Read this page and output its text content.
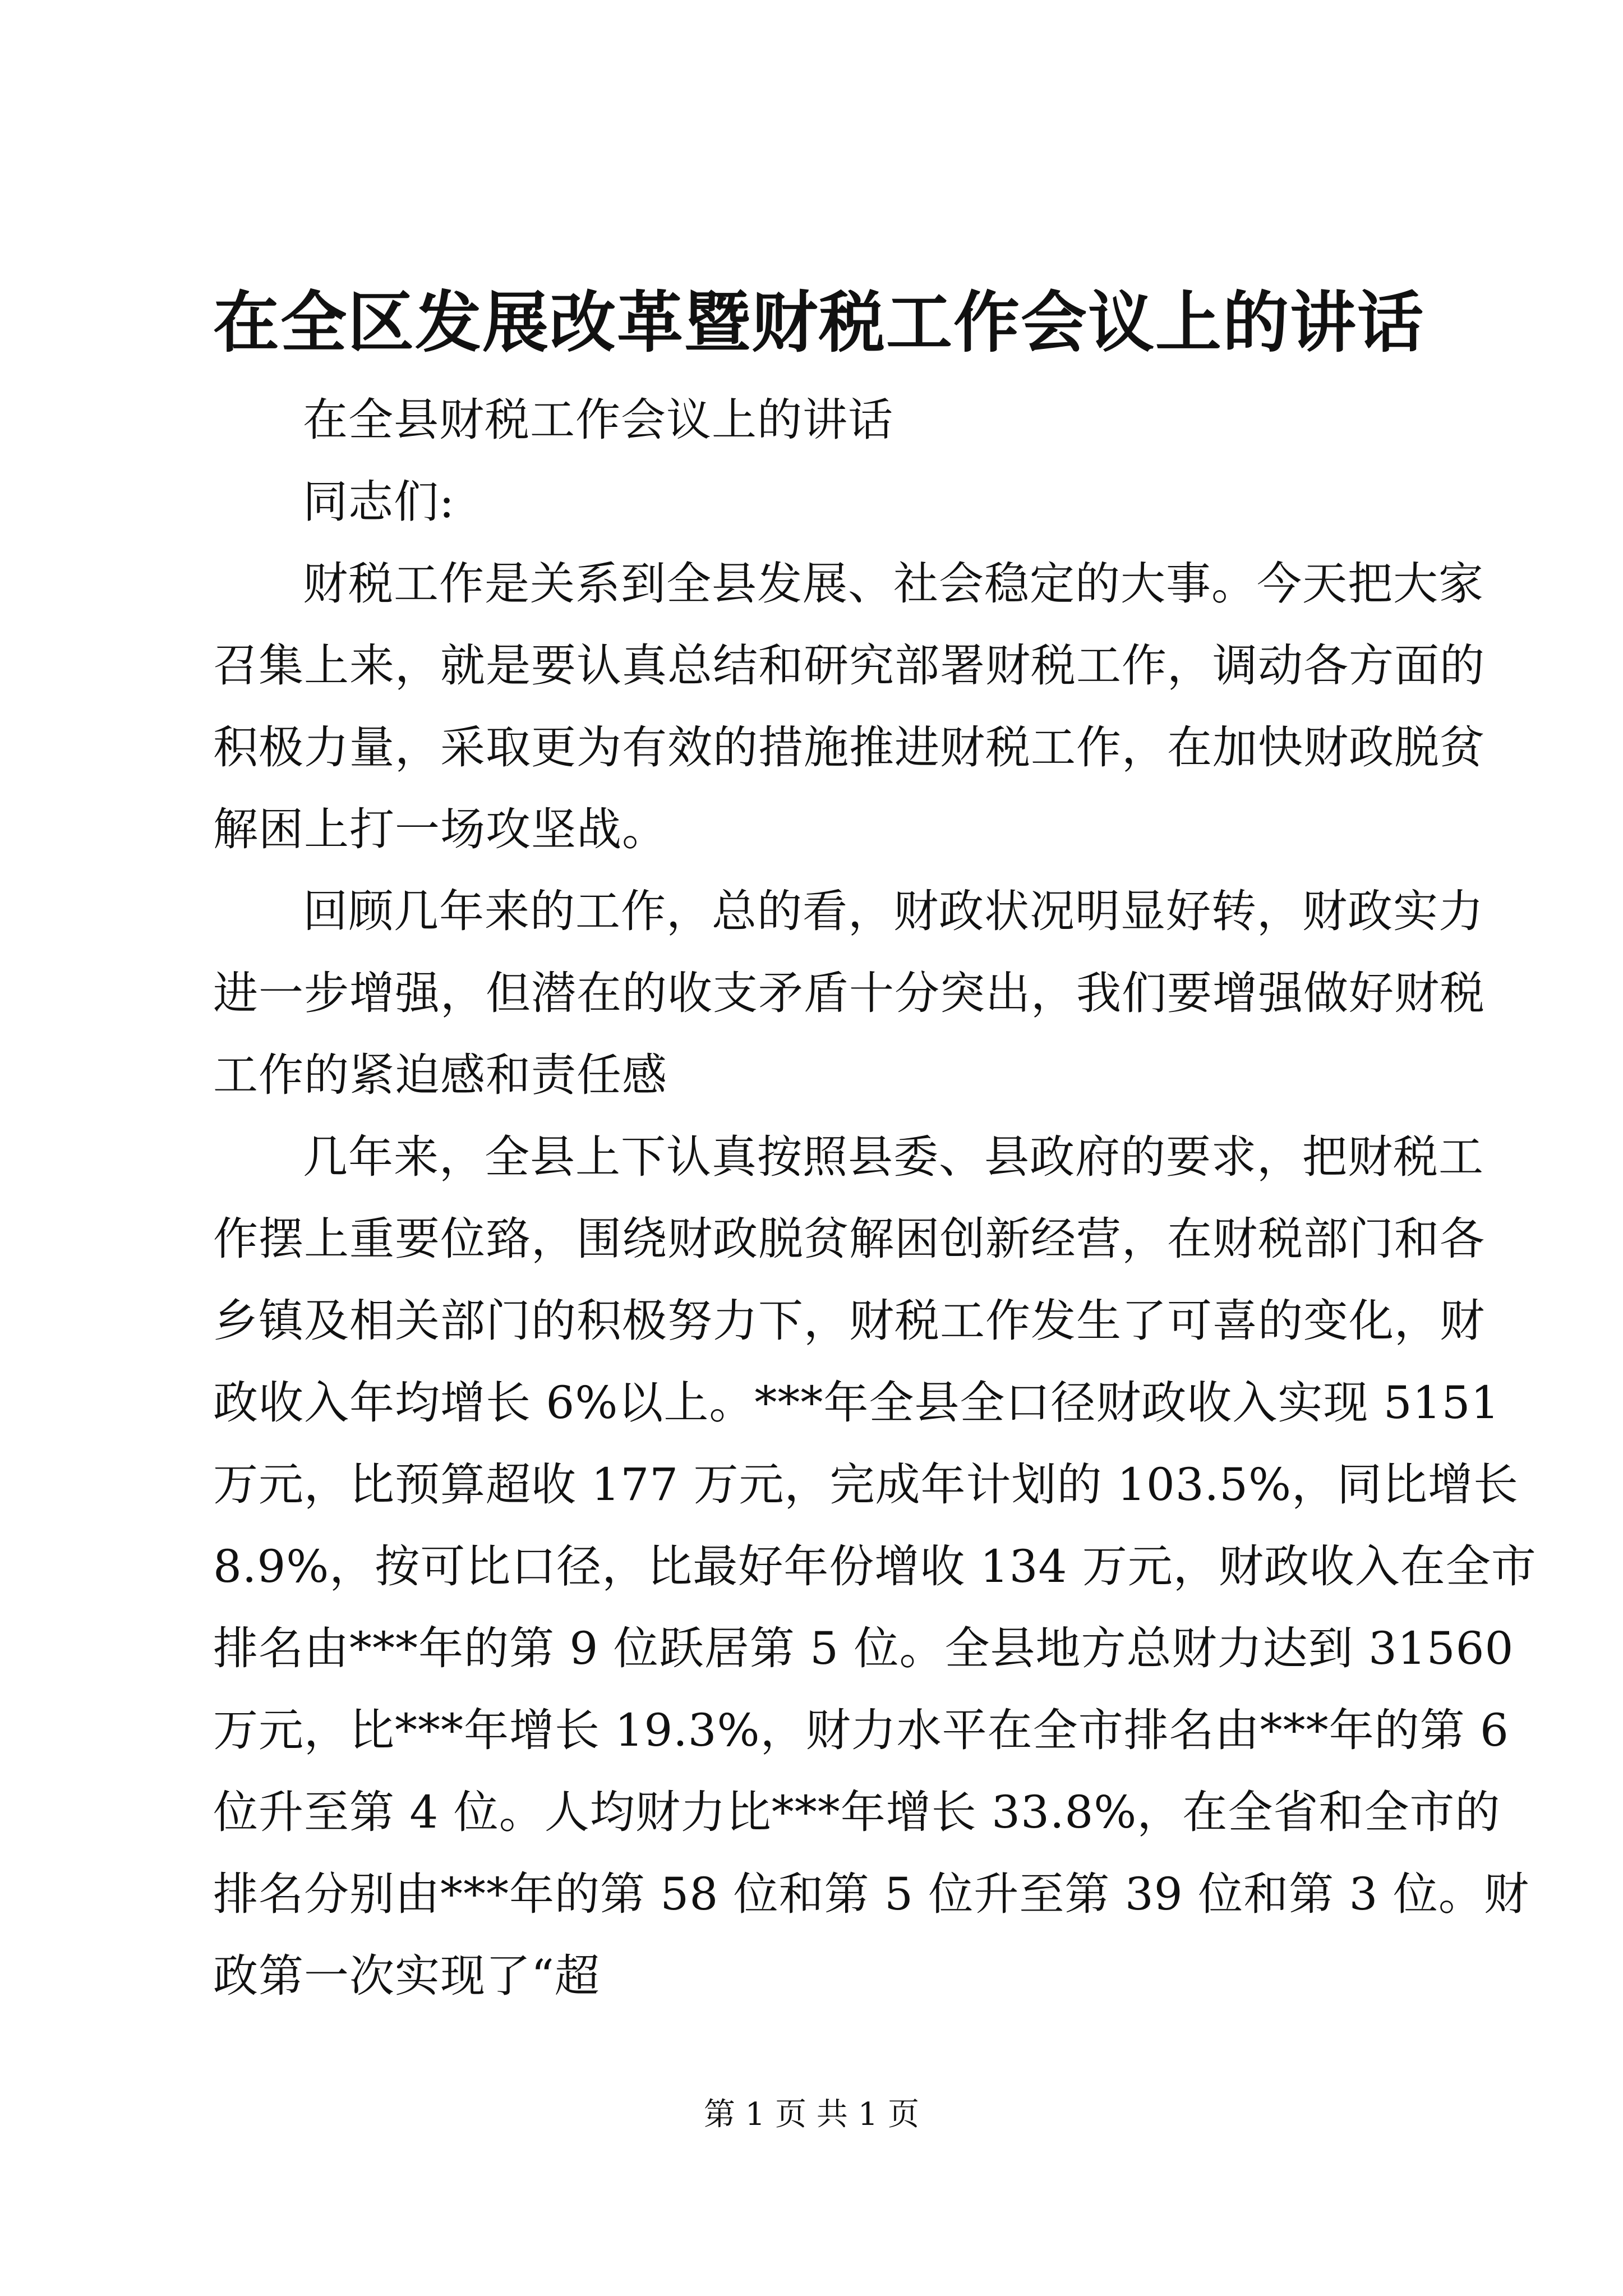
在全区发展改革暨财税工作会议上的讲话
在全县财税工作会议上的讲话
同志们:
财税工作是关系到全县发展、社会稳定的大事。今天把大家
召集上来，就是要认真总结和研究部署财税工作，调动各方面的
积极力量，采取更为有效的措施推进财税工作，在加快财政脱贫
解困上打一场攻坚战。
回顾几年来的工作，总的看，财政状况明显好转，财政实力
进一步增强，但潜在的收支矛盾十分突出，我们要增强做好财税
工作的紧迫感和责任感
几年来，全县上下认真按照县委、县政府的要求，把财税工
作摆上重要位臵，围绕财政脱贫解困创新经营，在财税部门和各
乡镇及相关部门的积极努力下，财税工作发生了可喜的变化，财
政收入年均增长 6%以上。***年全县全口径财政收入实现 5151
万元，比预算超收 177 万元，完成年计划的 103.5%，同比增长
8.9%，按可比口径，比最好年份增收 134 万元，财政收入在全市
排名由***年的第 9 位跃居第 5 位。全县地方总财力达到 31560
万元，比***年增长 19.3%，财力水平在全市排名由***年的第 6
位升至第 4 位。人均财力比***年增长 33.8%，在全省和全市的
排名分别由***年的第 58 位和第 5 位升至第 39 位和第 3 位。财
政第一次实现了“超
第 1 页 共 1 页
